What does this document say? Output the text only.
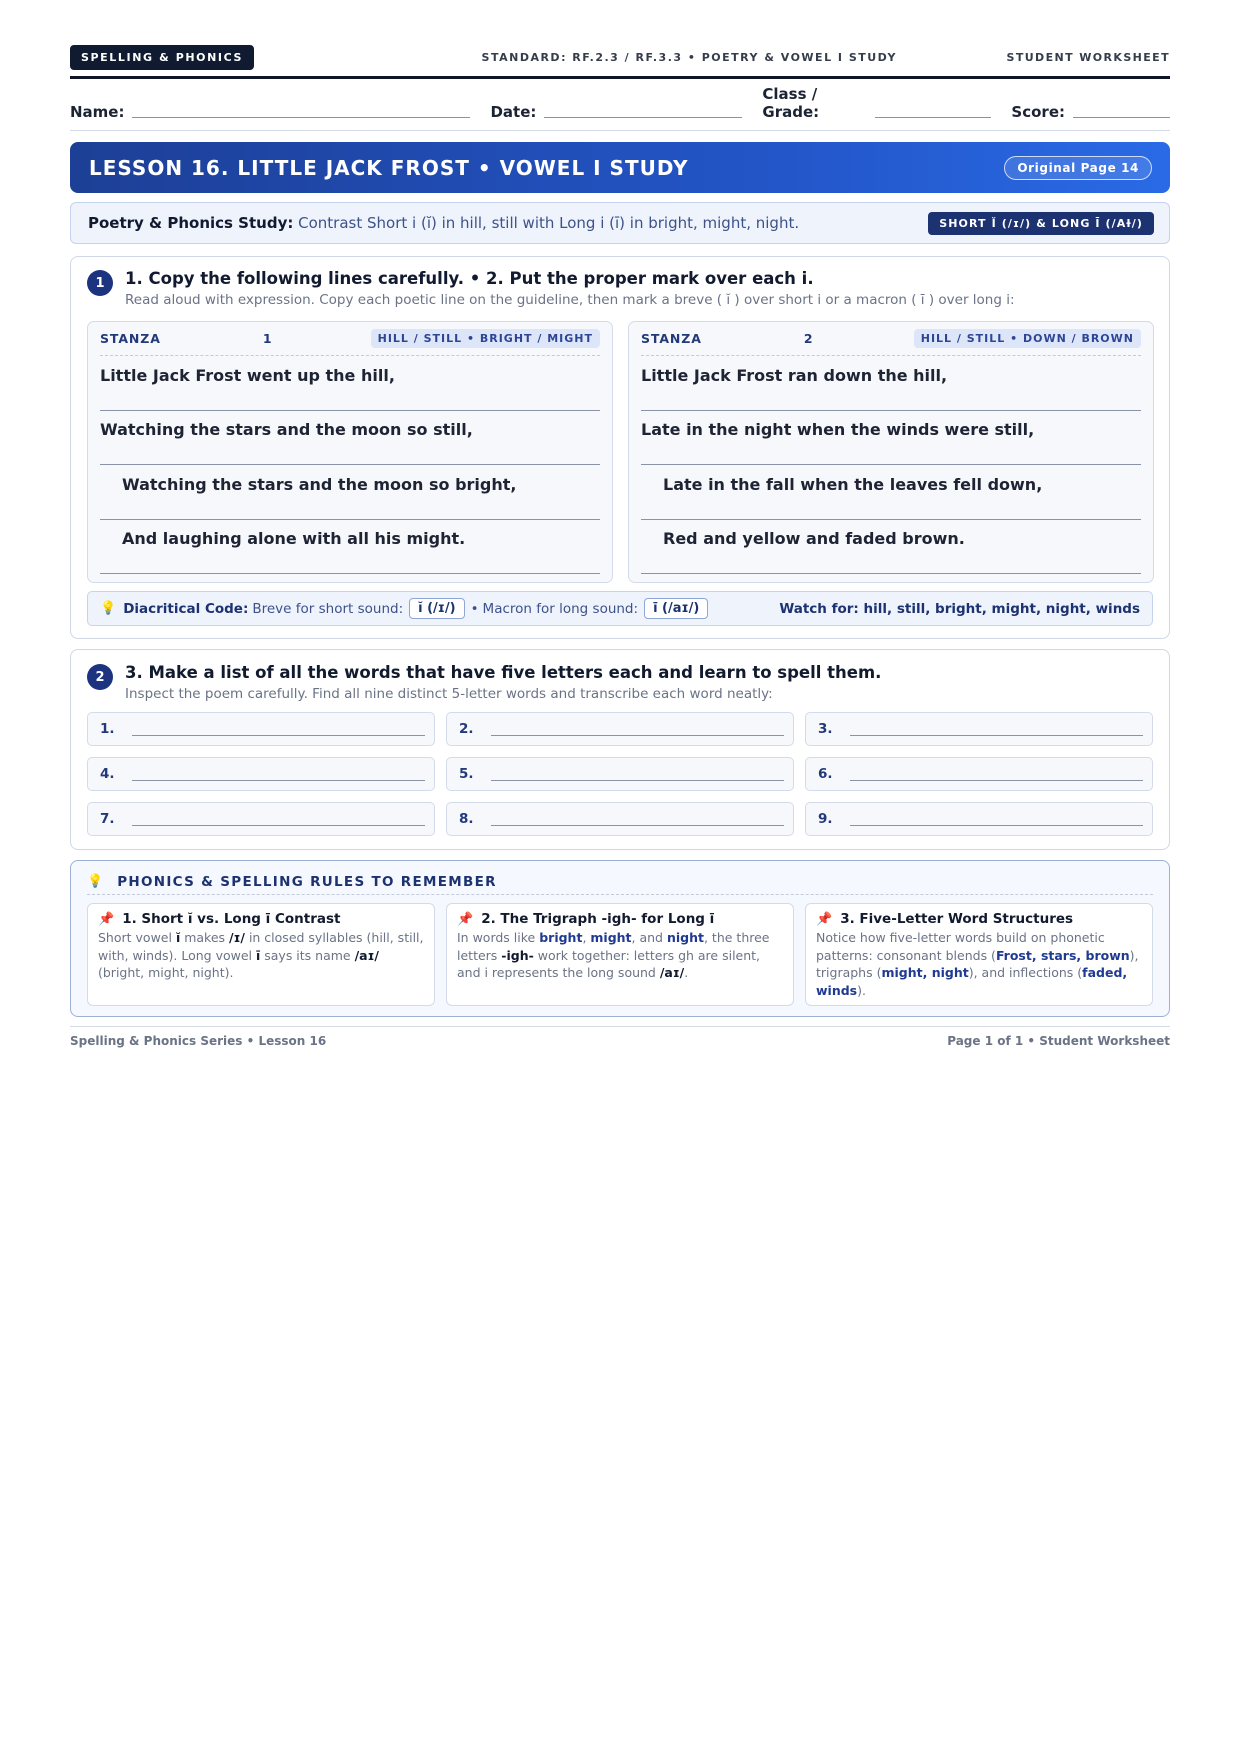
SPELLING & PHONICS	STANDARD: RF.2.3 / RF.3.3 • POETRY & VOWEL I STUDY	STUDENT WORKSHEET
Name:	Date:
Class / Grade:	Score:
LESSON 16. LITTLE JACK FROST • VOWEL I STUDY	Original Page 14
Poetry & Phonics Study: Contrast Short i (ĭ) in hill, still with Long i (ī) in bright, might, night.	SHORT Ĭ (/ɪ/) & LONG Ī (/AƗ/)
1	1. Copy the following lines carefully. • 2. Put the proper mark over each i.
Read aloud with expression. Copy each poetic line on the guideline, then mark a breve ( ĭ ) over short i or a macron ( ī ) over long i:
STANZA	1	HILL / STILL • BRIGHT / MIGHT
Little Jack Frost went up the hill,
Watching the stars and the moon so still,
Watching the stars and the moon so bright,
And laughing alone with all his might.
STANZA	2	HILL / STILL • DOWN / BROWN
Little Jack Frost ran down the hill,
Late in the night when the winds were still,
Late in the fall when the leaves fell down,
Red and yellow and faded brown.
💡 Diacritical Code: Breve for short sound:	ĭ (/ɪ/)	• Macron for long sound:	ī (/aɪ/)	Watch for: hill, still, bright, might, night, winds
2	3. Make a list of all the words that have five letters each and learn to spell them.
Inspect the poem carefully. Find all nine distinct 5-letter words and transcribe each word neatly:
1.	2.	3.
4.	5.	6.
7.	8.	9.
💡 PHONICS & SPELLING RULES TO REMEMBER
📌 1. Short ĭ vs. Long ī Contrast
Short vowel ĭ makes /ɪ/ in closed syllables (hill, still, with, winds). Long vowel ī says its name /aɪ/ (bright, might, night).
📌 2. The Trigraph -igh- for Long ī
In words like bright, might, and night, the three letters -igh- work together: letters gh are silent, and i represents the long sound /aɪ/.
📌 3. Five-Letter Word Structures
Notice how five-letter words build on phonetic patterns: consonant blends (Frost, stars, brown), trigraphs (might, night), and inflections (faded, winds).
Spelling & Phonics Series • Lesson 16	Page 1 of 1 • Student Worksheet
